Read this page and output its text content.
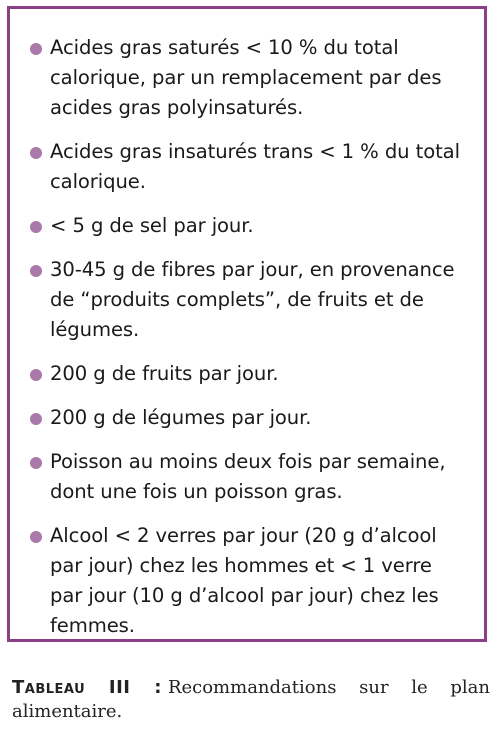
Acides gras saturés < 10 % du total calorique, par un remplacement par des acides gras polyinsaturés.
Acides gras insaturés trans < 1 % du total calorique.
< 5 g de sel par jour.
30-45 g de fibres par jour, en provenance de “produits complets”, de fruits et de légumes.
200 g de fruits par jour.
200 g de légumes par jour.
Poisson au moins deux fois par semaine, dont une fois un poisson gras.
Alcool < 2 verres par jour (20 g d’alcool par jour) chez les hommes et < 1 verre par jour (10 g d’alcool par jour) chez les femmes.
Tableau III : Recommandations sur le plan alimentaire.
